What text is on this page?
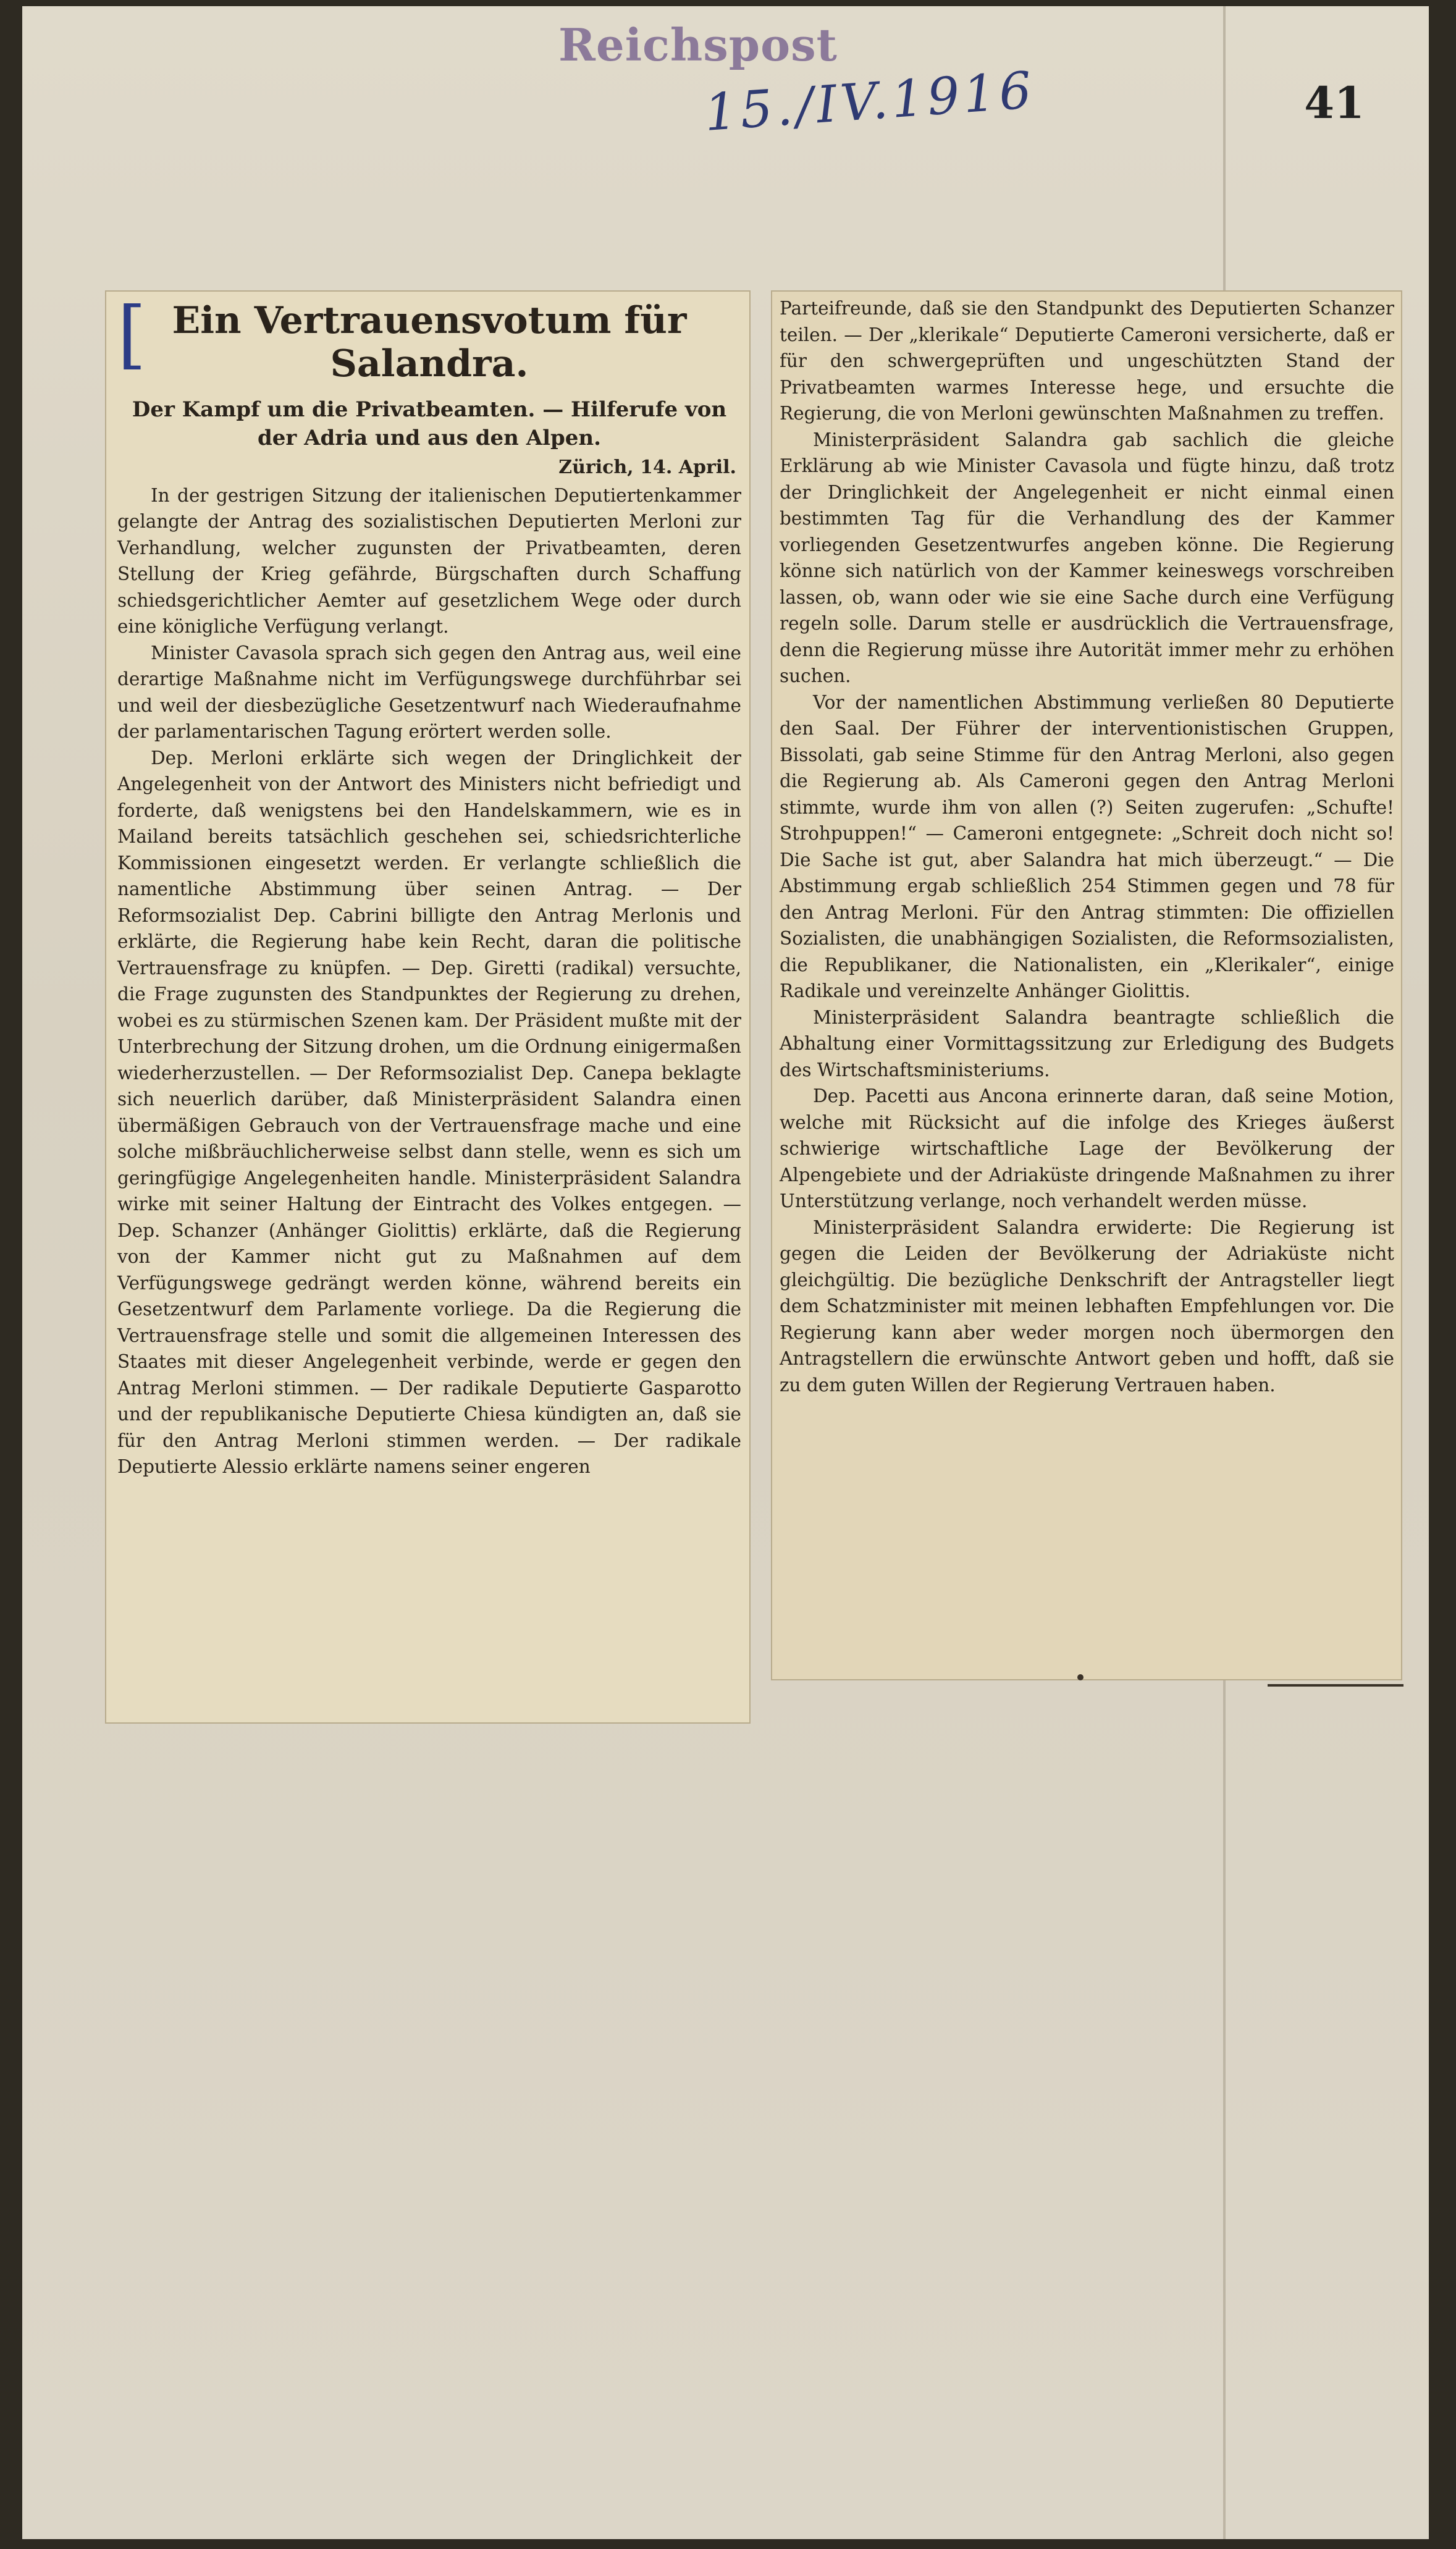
Reichspost
15./IV.1916	41
[ Ein Vertrauensvotum für
Salandra.
Der Kampf um die Privatbeamten. — Hilferufe von der Adria und aus den Alpen.
Zürich, 14. April.

In der gestrigen Sitzung der italienischen Deputiertenkammer gelangte der Antrag des sozialistischen Deputierten Merloni zur Verhandlung, welcher zugunsten der Privatbeamten, deren Stellung der Krieg gefährde, Bürgschaften durch Schaffung schiedsgerichtlicher Aemter auf gesetzlichem Wege oder durch eine königliche Verfügung verlangt.

Minister Cavasola sprach sich gegen den Antrag aus, weil eine derartige Maßnahme nicht im Verfügungswege durchführbar sei und weil der diesbezügliche Gesetzentwurf nach Wiederaufnahme der parlamentarischen Tagung erörtert werden solle.

Dep. Merloni erklärte sich wegen der Dringlichkeit der Angelegenheit von der Antwort des Ministers nicht befriedigt und forderte, daß wenigstens bei den Handelskammern, wie es in Mailand bereits tatsächlich geschehen sei, schiedsrichterliche Kommissionen eingesetzt werden. Er verlangte schließlich die namentliche Abstimmung über seinen Antrag. — Der Reformsozialist Dep. Cabrini billigte den Antrag Merlonis und erklärte, die Regierung habe kein Recht, daran die politische Vertrauensfrage zu knüpfen. — Dep. Giretti (radikal) versuchte, die Frage zugunsten des Standpunktes der Regierung zu drehen, wobei es zu stürmischen Szenen kam. Der Präsident mußte mit der Unterbrechung der Sitzung drohen, um die Ordnung einigermaßen wiederherzustellen. — Der Reformsozialist Dep. Canepa beklagte sich neuerlich darüber, daß Ministerpräsident Salandra einen übermäßigen Gebrauch von der Vertrauensfrage mache und eine solche mißbräuchlicherweise selbst dann stelle, wenn es sich um geringfügige Angelegenheiten handle. Ministerpräsident Salandra wirke mit seiner Haltung der Eintracht des Volkes entgegen. — Dep. Schanzer (Anhänger Giolittis) erklärte, daß die Regierung von der Kammer nicht gut zu Maßnahmen auf dem Verfügungswege gedrängt werden könne, während bereits ein Gesetzentwurf dem Parlamente vorliege. Da die Regierung die Vertrauensfrage stelle und somit die allgemeinen Interessen des Staates mit dieser Angelegenheit verbinde, werde er gegen den Antrag Merloni stimmen. — Der radikale Deputierte Gasparotto und der republikanische Deputierte Chiesa kündigten an, daß sie für den Antrag Merloni stimmen werden. — Der radikale Deputierte Alessio erklärte namens seiner engeren

Parteifreunde, daß sie den Standpunkt des Deputierten Schanzer teilen. — Der „klerikale“ Deputierte Cameroni versicherte, daß er für den schwergeprüften und ungeschützten Stand der Privatbeamten warmes Interesse hege, und ersuchte die Regierung, die von Merloni gewünschten Maßnahmen zu treffen.

Ministerpräsident Salandra gab sachlich die gleiche Erklärung ab wie Minister Cavasola und fügte hinzu, daß trotz der Dringlichkeit der Angelegenheit er nicht einmal einen bestimmten Tag für die Verhandlung des der Kammer vorliegenden Gesetzentwurfes angeben könne. Die Regierung könne sich natürlich von der Kammer keineswegs vorschreiben lassen, ob, wann oder wie sie eine Sache durch eine Verfügung regeln solle. Darum stelle er ausdrücklich die Vertrauensfrage, denn die Regierung müsse ihre Autorität immer mehr zu erhöhen suchen.

Vor der namentlichen Abstimmung verließen 80 Deputierte den Saal. Der Führer der interventionistischen Gruppen, Bissolati, gab seine Stimme für den Antrag Merloni, also gegen die Regierung ab. Als Cameroni gegen den Antrag Merloni stimmte, wurde ihm von allen (?) Seiten zugerufen: „Schufte! Strohpuppen!“ — Cameroni entgegnete: „Schreit doch nicht so! Die Sache ist gut, aber Salandra hat mich überzeugt.“ — Die Abstimmung ergab schließlich 254 Stimmen gegen und 78 für den Antrag Merloni. Für den Antrag stimmten: Die offiziellen Sozialisten, die unabhängigen Sozialisten, die Reformsozialisten, die Republikaner, die Nationalisten, ein „Klerikaler“, einige Radikale und vereinzelte Anhänger Giolittis.

Ministerpräsident Salandra beantragte schließlich die Abhaltung einer Vormittagssitzung zur Erledigung des Budgets des Wirtschaftsministeriums.

Dep. Pacetti aus Ancona erinnerte daran, daß seine Motion, welche mit Rücksicht auf die infolge des Krieges äußerst schwierige wirtschaftliche Lage der Bevölkerung der Alpengebiete und der Adriaküste dringende Maßnahmen zu ihrer Unterstützung verlange, noch verhandelt werden müsse.

Ministerpräsident Salandra erwiderte: Die Regierung ist gegen die Leiden der Bevölkerung der Adriaküste nicht gleichgültig. Die bezügliche Denkschrift der Antragsteller liegt dem Schatzminister mit meinen lebhaften Empfehlungen vor. Die Regierung kann aber weder morgen noch übermorgen den Antragstellern die erwünschte Antwort geben und hofft, daß sie zu dem guten Willen der Regierung Vertrauen haben.
